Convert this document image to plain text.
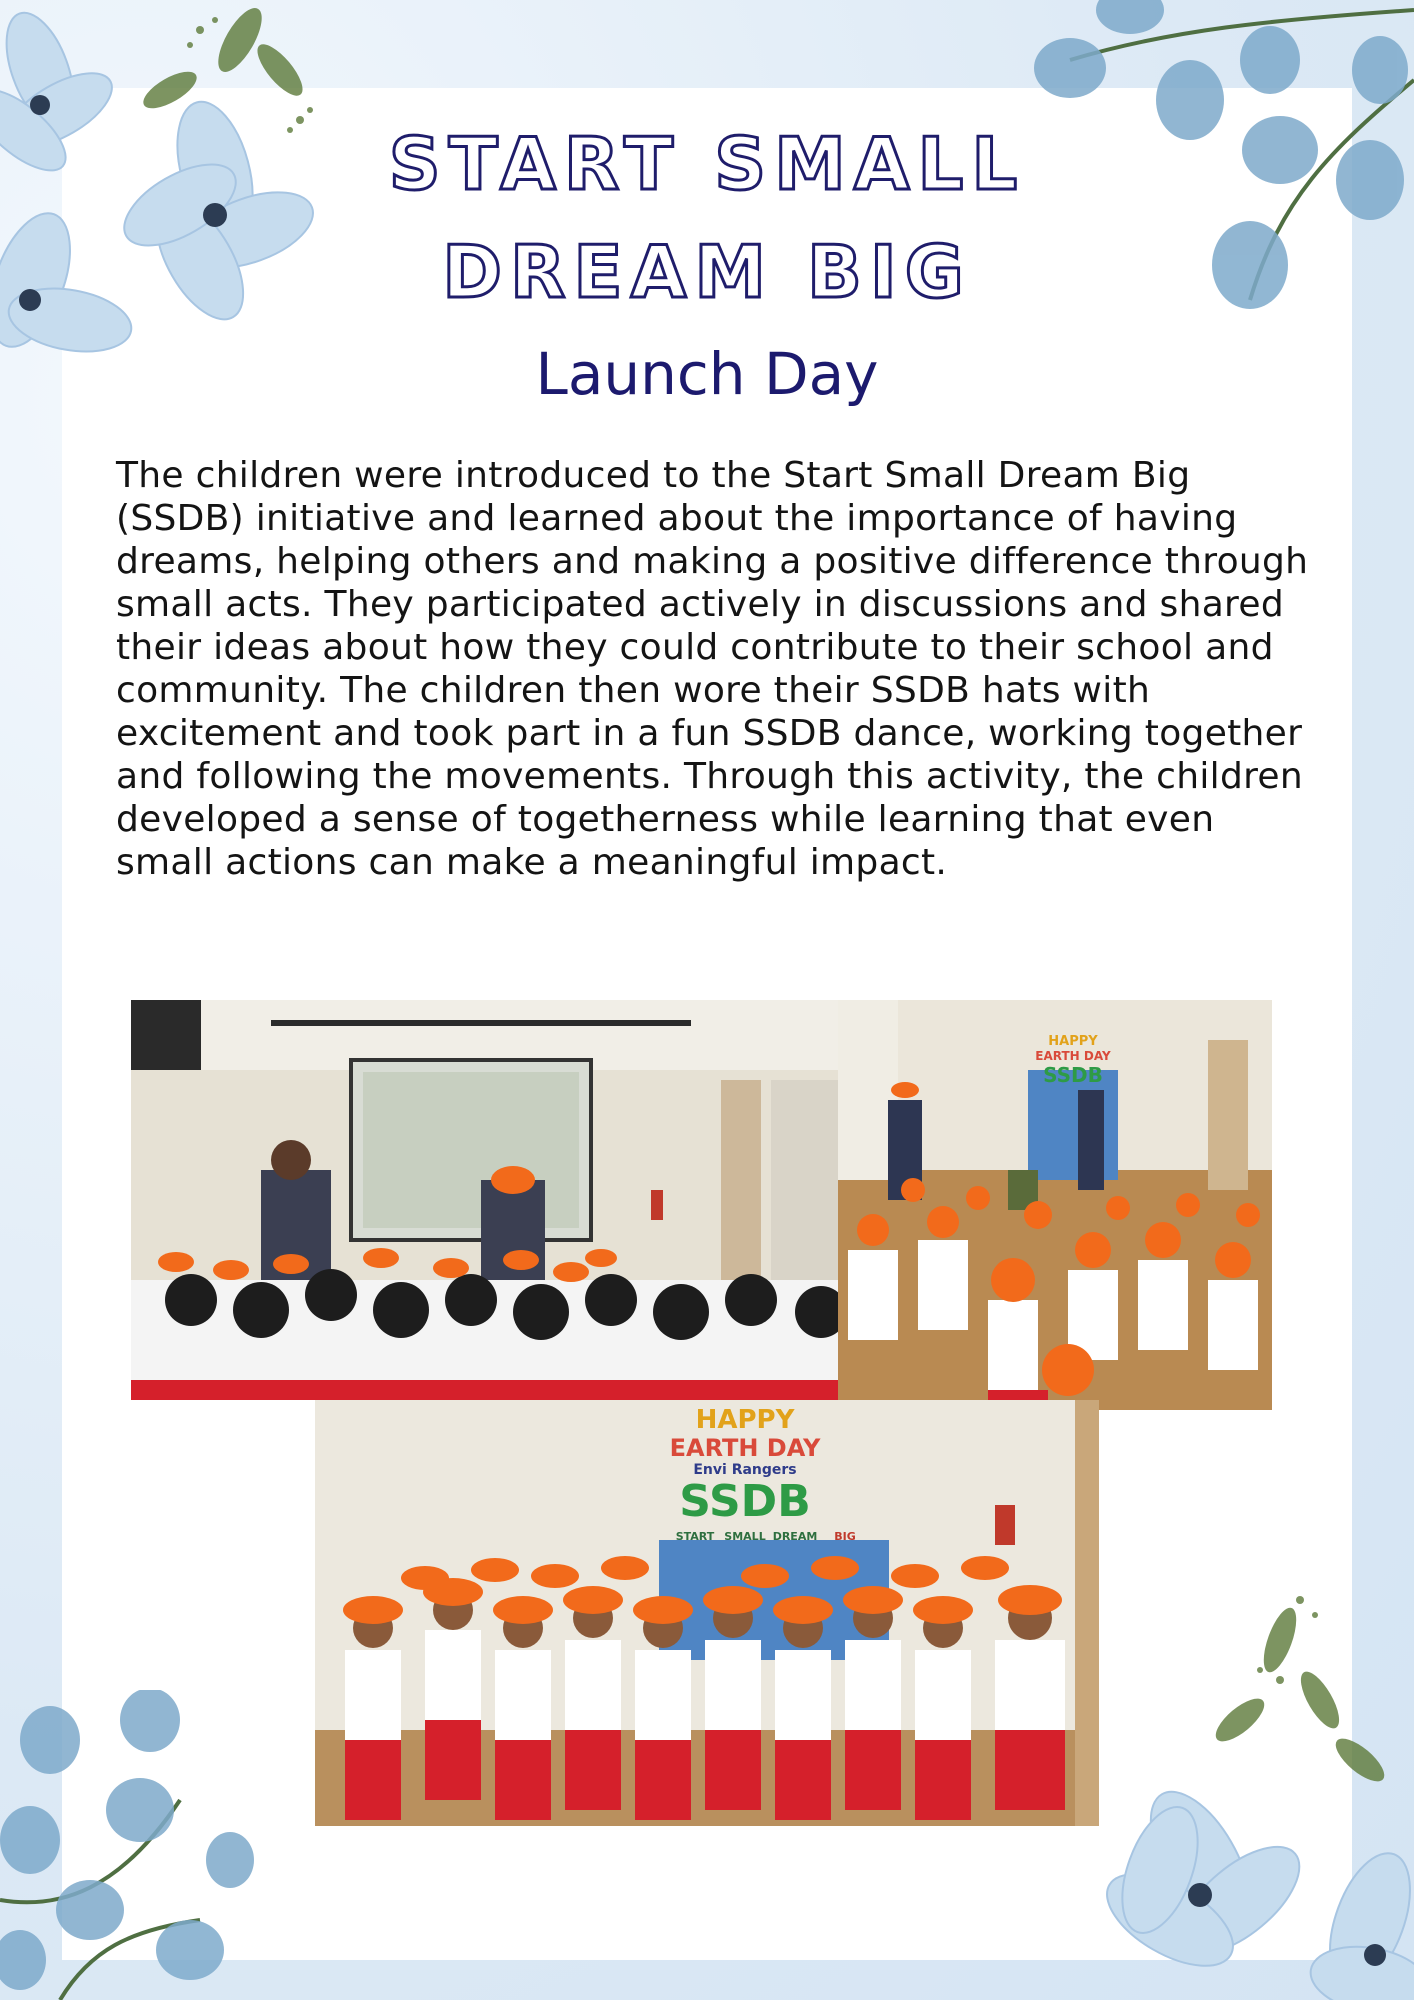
START SMALL
DREAM BIG
Launch Day
The children were introduced to the Start Small Dream Big (SSDB) initiative and learned about the importance of having dreams, helping others and making a positive difference through small acts. They participated actively in discussions and shared their ideas about how they could contribute to their school and community. The children then wore their SSDB hats with excitement and took part in a fun SSDB dance, working together and following the movements. Through this activity, the children developed a sense of togetherness while learning that even small actions can make a meaningful impact.
HAPPY
EARTH DAY
SSDB
HAPPY
EARTH DAY
Envi Rangers
SSDB
START SMALL DREAM BIG
